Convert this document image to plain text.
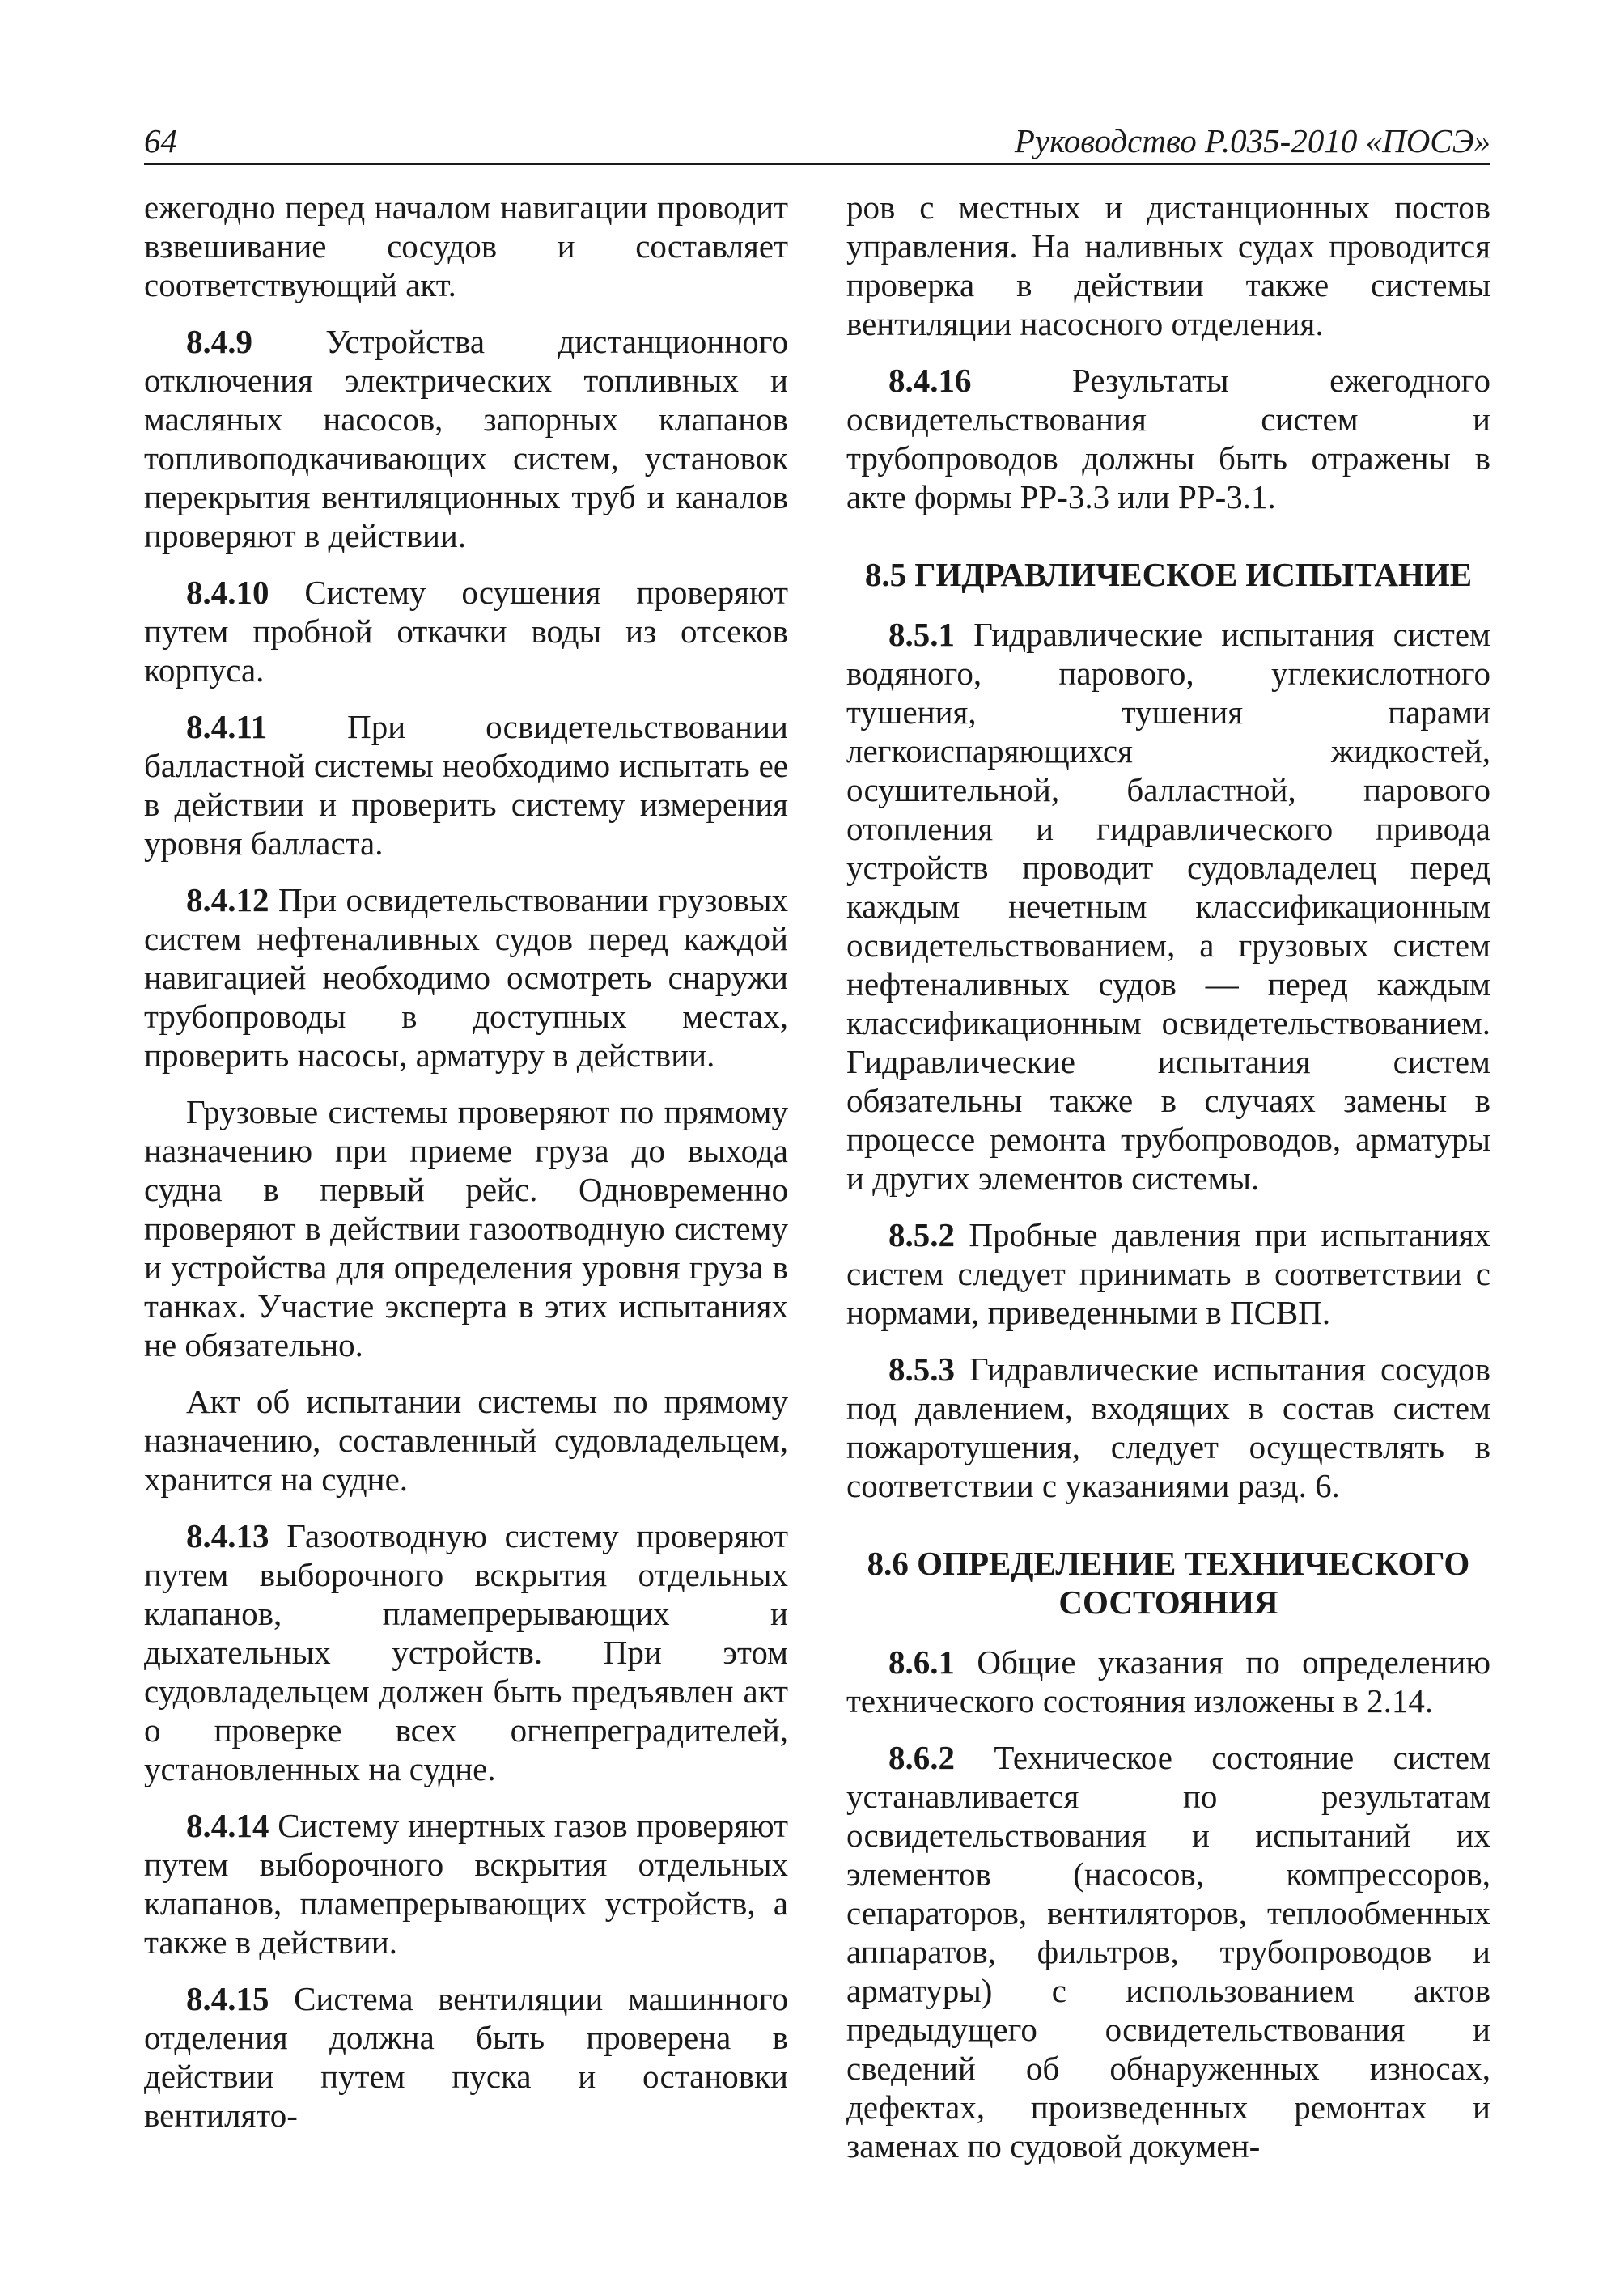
64	Руководство Р.035-2010 «ПОСЭ»

ежегодно перед началом навигации проводит взвешивание сосудов и составляет соответствующий акт.

8.4.9 Устройства дистанционного отключения электрических топливных и масляных насосов, запорных клапанов топливоподкачивающих систем, установок перекрытия вентиляционных труб и каналов проверяют в действии.

8.4.10 Систему осушения проверяют путем пробной откачки воды из отсеков корпуса.

8.4.11 При освидетельствовании балластной системы необходимо испытать ее в действии и проверить систему измерения уровня балласта.

8.4.12 При освидетельствовании грузовых систем нефтеналивных судов перед каждой навигацией необходимо осмотреть снаружи трубопроводы в доступных местах, проверить насосы, арматуру в действии.

Грузовые системы проверяют по прямому назначению при приеме груза до выхода судна в первый рейс. Одновременно проверяют в действии газоотводную систему и устройства для определения уровня груза в танках. Участие эксперта в этих испытаниях не обязательно.

Акт об испытании системы по прямому назначению, составленный судовладельцем, хранится на судне.

8.4.13 Газоотводную систему проверяют путем выборочного вскрытия отдельных клапанов, пламепрерывающих и дыхательных устройств. При этом судовладельцем должен быть предъявлен акт о проверке всех огнепреградителей, установленных на судне.

8.4.14 Систему инертных газов проверяют путем выборочного вскрытия отдельных клапанов, пламепрерывающих устройств, а также в действии.

8.4.15 Система вентиляции машинного отделения должна быть проверена в действии путем пуска и остановки вентилято-

ров с местных и дистанционных постов управления. На наливных судах проводится проверка в действии также системы вентиляции насосного отделения.

8.4.16	Результаты ежегодного освидетельствования систем и трубопроводов должны быть отражены в акте формы РР-3.3 или РР-3.1.

8.5 ГИДРАВЛИЧЕСКОЕ ИСПЫТАНИЕ

8.5.1 Гидравлические испытания систем водяного, парового, углекислотного тушения, тушения парами легкоиспаряющихся жидкостей, осушительной, балластной, парового отопления и гидравлического привода устройств проводит судовладелец перед каждым нечетным классификационным освидетельствованием, а грузовых систем нефтеналивных судов — перед каждым классификационным освидетельствованием. Гидравлические испытания систем обязательны также в случаях замены в процессе ремонта трубопроводов, арматуры и других элементов системы.

8.5.2 Пробные давления при испытаниях систем следует принимать в соответствии с нормами, приведенными в ПСВП.

8.5.3 Гидравлические испытания сосудов под давлением, входящих в состав систем пожаротушения, следует осуществлять в соответствии с указаниями разд. 6.

8.6 ОПРЕДЕЛЕНИЕ ТЕХНИЧЕСКОГО СОСТОЯНИЯ

8.6.1 Общие указания по определению технического состояния изложены в 2.14.

8.6.2 Техническое состояние систем устанавливается по результатам освидетельствования и испытаний их элементов (насосов, компрессоров, сепараторов, вентиляторов, теплообменных аппаратов, фильтров, трубопроводов и арматуры) с использованием актов предыдущего освидетельствования и сведений об обнаруженных износах, дефектах, произведенных ремонтах и заменах по судовой докумен-
